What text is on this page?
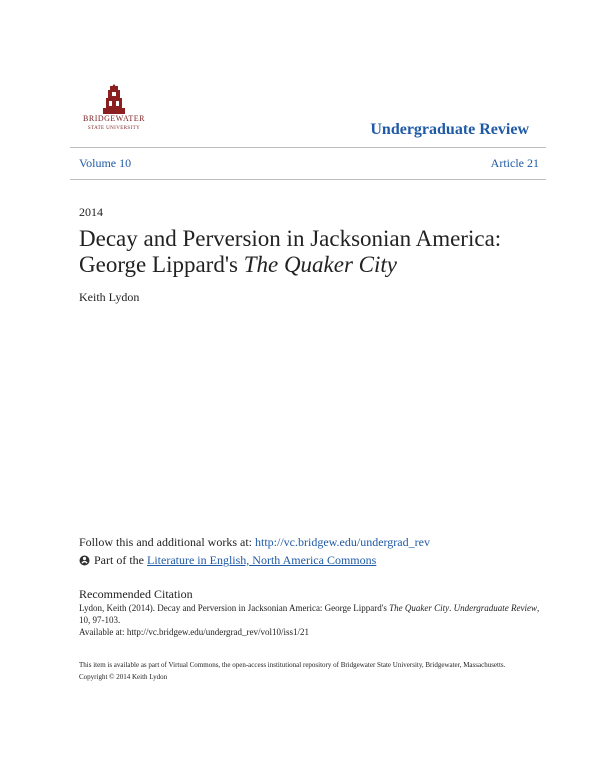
BRIDGEWATER
STATE UNIVERSITY	Undergraduate Review
Volume 10	Article 21
2014
Decay and Perversion in Jacksonian America:
George Lippard's The Quaker City
Keith Lydon
Follow this and additional works at: http://vc.bridgew.edu/undergrad_rev
Part of the
Literature in English, North America Commons
Recommended Citation
Lydon, Keith (2014). Decay and Perversion in Jacksonian America: George Lippard's The Quaker City. Undergraduate Review, 10, 97-103.
Available at: http://vc.bridgew.edu/undergrad_rev/vol10/iss1/21
This item is available as part of Virtual Commons, the open-access institutional repository of Bridgewater State University, Bridgewater, Massachusetts.
Copyright © 2014 Keith Lydon
